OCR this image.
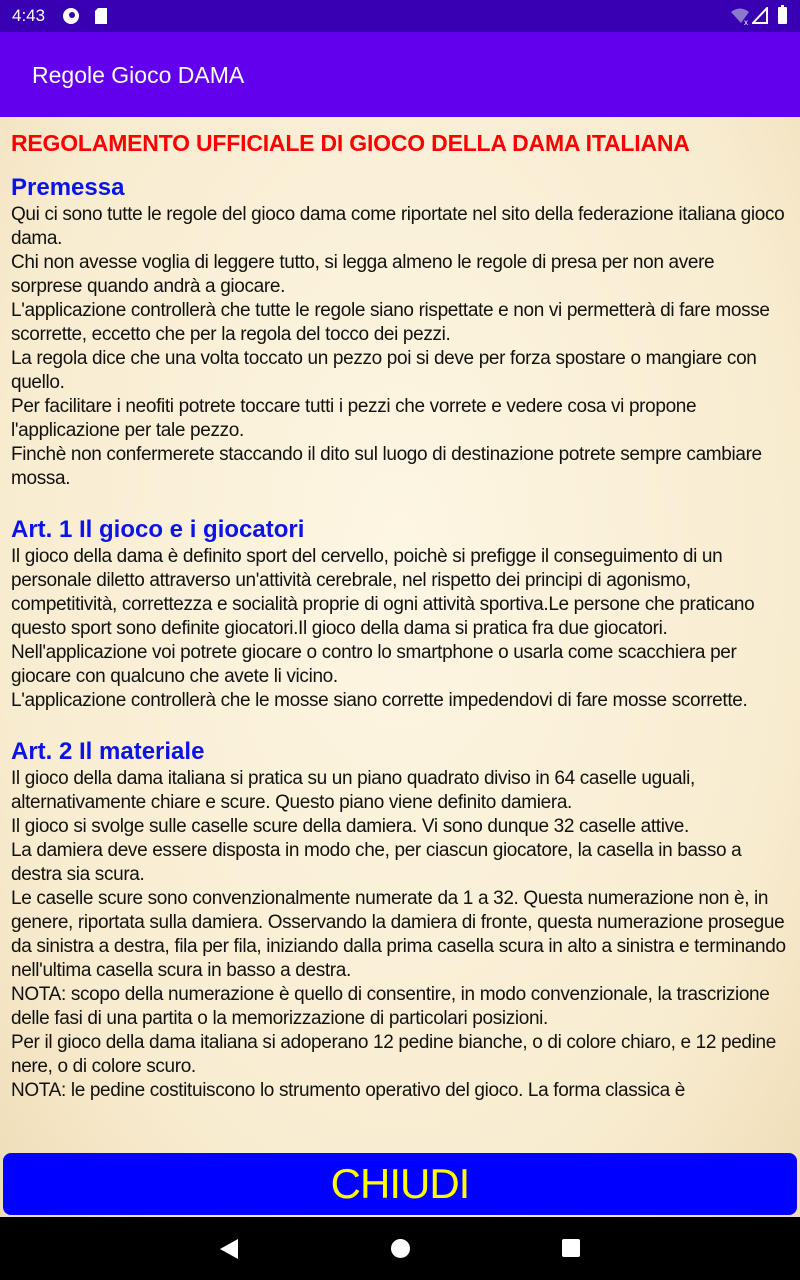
4:43	x
Regole Gioco DAMA
REGOLAMENTO UFFICIALE DI GIOCO DELLA DAMA ITALIANA
Premessa

Qui ci sono tutte le regole del gioco dama come riportate nel sito della federazione italiana gioco dama.

Chi non avesse voglia di leggere tutto, si legga almeno le regole di presa per non avere sorprese quando andrà a giocare.

L'applicazione controllerà che tutte le regole siano rispettate e non vi permetterà di fare mosse scorrette, eccetto che per la regola del tocco dei pezzi.

La regola dice che una volta toccato un pezzo poi si deve per forza spostare o mangiare con quello.

Per facilitare i neofiti potrete toccare tutti i pezzi che vorrete e vedere cosa vi propone l'applicazione per tale pezzo.

Finchè non confermerete staccando il dito sul luogo di destinazione potrete sempre cambiare mossa.

Art. 1 Il gioco e i giocatori

Il gioco della dama è definito sport del cervello, poichè si prefigge il conseguimento di un personale diletto attraverso un'attività cerebrale, nel rispetto dei principi di agonismo, competitività, correttezza e socialità proprie di ogni attività sportiva.Le persone che praticano questo sport sono definite giocatori.Il gioco della dama si pratica fra due giocatori.

Nell'applicazione voi potrete giocare o contro lo smartphone o usarla come scacchiera per giocare con qualcuno che avete li vicino.

L'applicazione controllerà che le mosse siano corrette impedendovi di fare mosse scorrette.

Art. 2 Il materiale

Il gioco della dama italiana si pratica su un piano quadrato diviso in 64 caselle uguali, alternativamente chiare e scure. Questo piano viene definito damiera.

Il gioco si svolge sulle caselle scure della damiera. Vi sono dunque 32 caselle attive.

La damiera deve essere disposta in modo che, per ciascun giocatore, la casella in basso a destra sia scura.

Le caselle scure sono convenzionalmente numerate da 1 a 32. Questa numerazione non è, in genere, riportata sulla damiera. Osservando la damiera di fronte, questa numerazione prosegue da sinistra a destra, fila per fila, iniziando dalla prima casella scura in alto a sinistra e terminando nell'ultima casella scura in basso a destra.

NOTA: scopo della numerazione è quello di consentire, in modo convenzionale, la trascrizione delle fasi di una partita o la memorizzazione di particolari posizioni.

Per il gioco della dama italiana si adoperano 12 pedine bianche, o di colore chiaro, e 12 pedine nere, o di colore scuro.

NOTA: le pedine costituiscono lo strumento operativo del gioco. La forma classica è

CHIUDI
